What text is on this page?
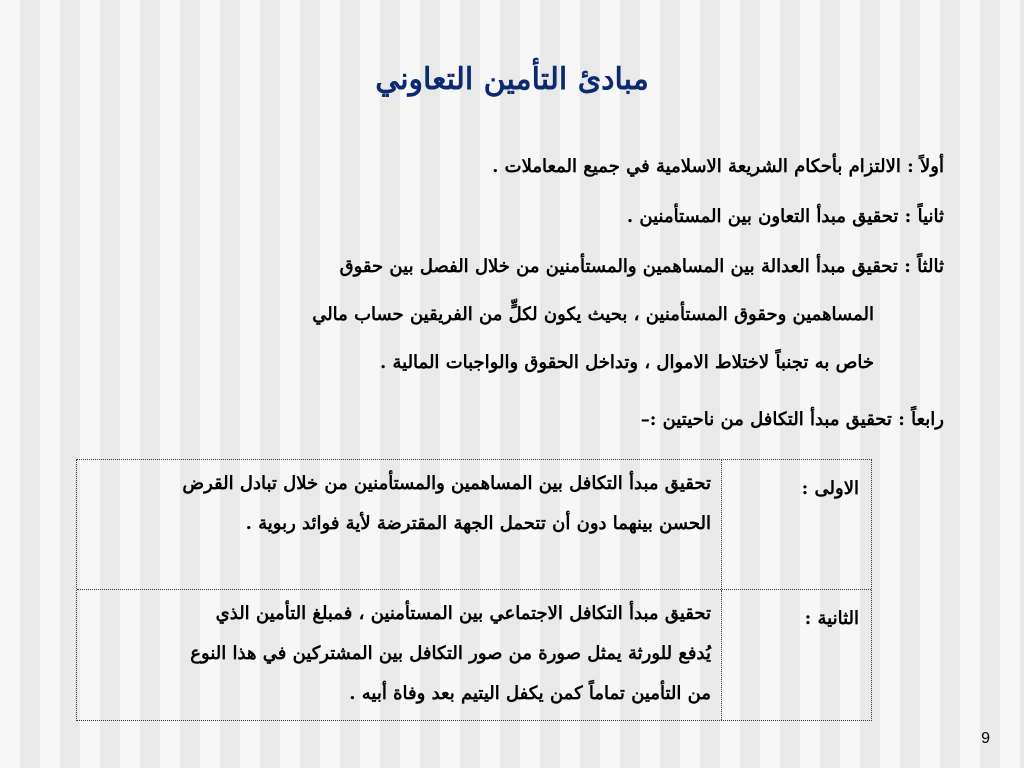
مبادئ التأمين التعاوني
أولاً : الالتزام بأحكام الشريعة الاسلامية في جميع المعاملات .
ثانياً : تحقيق مبدأ التعاون بين المستأمنين .
ثالثاً : تحقيق مبدأ العدالة بين المساهمين والمستأمنين من خلال الفصل بين حقوق
المساهمين وحقوق المستأمنين ، بحيث يكون لكلٍّ من الفريقين حساب مالي
خاص به تجنباً لاختلاط الاموال ، وتداخل الحقوق والواجبات المالية .
رابعاً : تحقيق مبدأ التكافل من ناحيتين :–
الاولى :
تحقيق مبدأ التكافل بين المساهمين والمستأمنين من خلال تبادل القرض
الحسن بينهما دون أن تتحمل الجهة المقترضة لأية فوائد ربوية .
الثانية :
تحقيق مبدأ التكافل الاجتماعي بين المستأمنين ، فمبلغ التأمين الذي
يُدفع للورثة يمثل صورة من صور التكافل بين المشتركين في هذا النوع
من التأمين تماماً كمن يكفل اليتيم بعد وفاة أبيه .
9
